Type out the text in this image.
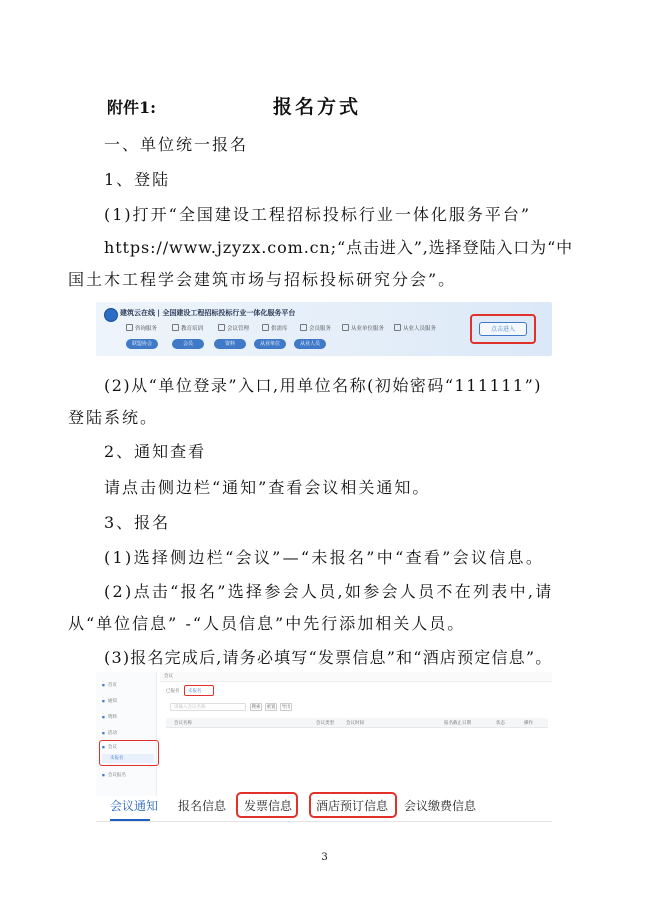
附件1:	报名方式
一、单位统一报名
1、登陆
(1)打开“全国建设工程招标投标行业一体化服务平台”
https://www.jzyzx.com.cn;“点击进入”,选择登陆入口为“中
国土木工程学会建筑市场与招标投标研究分会”。
建筑云在线 | 全国建设工程招标投标行业一体化服务平台
咨询服务	教育培训	会议管理	供需库	会员服务	从业单位服务	从业人员服务
联盟协会	会员	资料	从业单位	从业人员
点击进入
(2)从“单位登录”入口,用单位名称(初始密码“111111”)
登陆系统。
2、通知查看
请点击侧边栏“通知”查看会议相关通知。
3、报名
(1)选择侧边栏“会议”—“未报名”中“查看”会议信息。
(2)点击“报名”选择参会人员,如参会人员不在列表中,请
从“单位信息” -“人员信息”中先行添加相关人员。
(3)报名完成后,请务必填写“发票信息”和“酒店预定信息”。
■ 首页
■ 通知
■ 资料
■ 活动
■ 会议
未报名
■ 会议报名
会议
已报名 未报名
请输入会议名称	搜索	重置	导出
会议名称	会议类型	会议时间	报名截止日期	状态	操作
会议通知 报名信息 发票信息 酒店预订信息 会议缴费信息
3
